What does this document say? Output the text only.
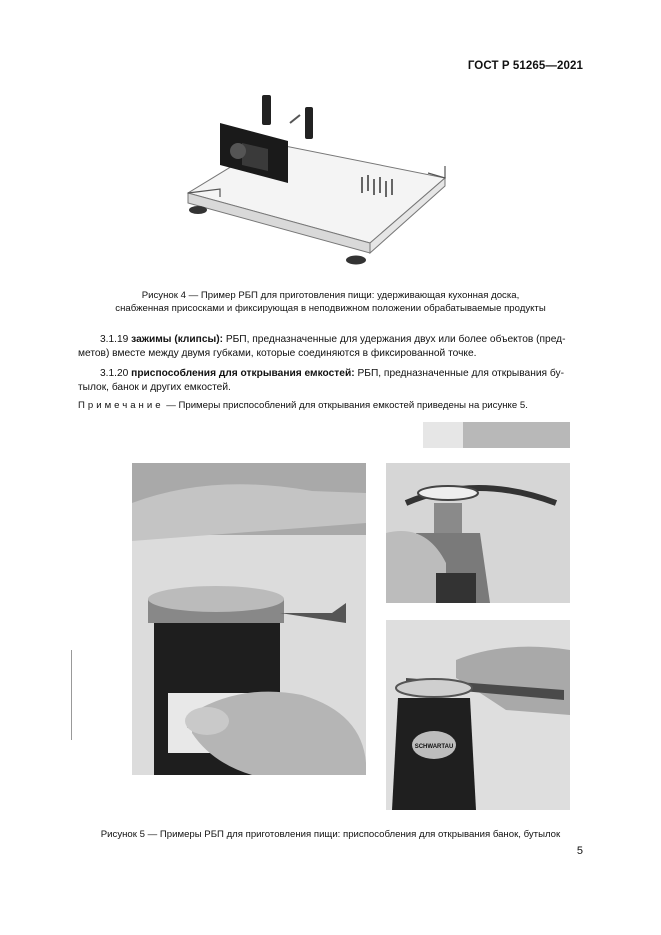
ГОСТ Р 51265—2021
Рисунок 4 — Пример РБП для приготовления пищи: удерживающая кухонная доска,
снабженная присосками и фиксирующая в неподвижном положении обрабатываемые продукты
3.1.19 зажимы (клипсы): РБП, предназначенные для удержания двух или более объектов (пред-
метов) вместе между двумя губками, которые соединяются в фиксированной точке.
3.1.20 приспособления для открывания емкостей: РБП, предназначенные для открывания бу-
тылок, банок и других емкостей.
Примечание — Примеры приспособлений для открывания емкостей приведены на рисунке 5.
SCHWARTAU
Рисунок 5 — Примеры РБП для приготовления пищи: приспособления для открывания банок, бутылок
5
